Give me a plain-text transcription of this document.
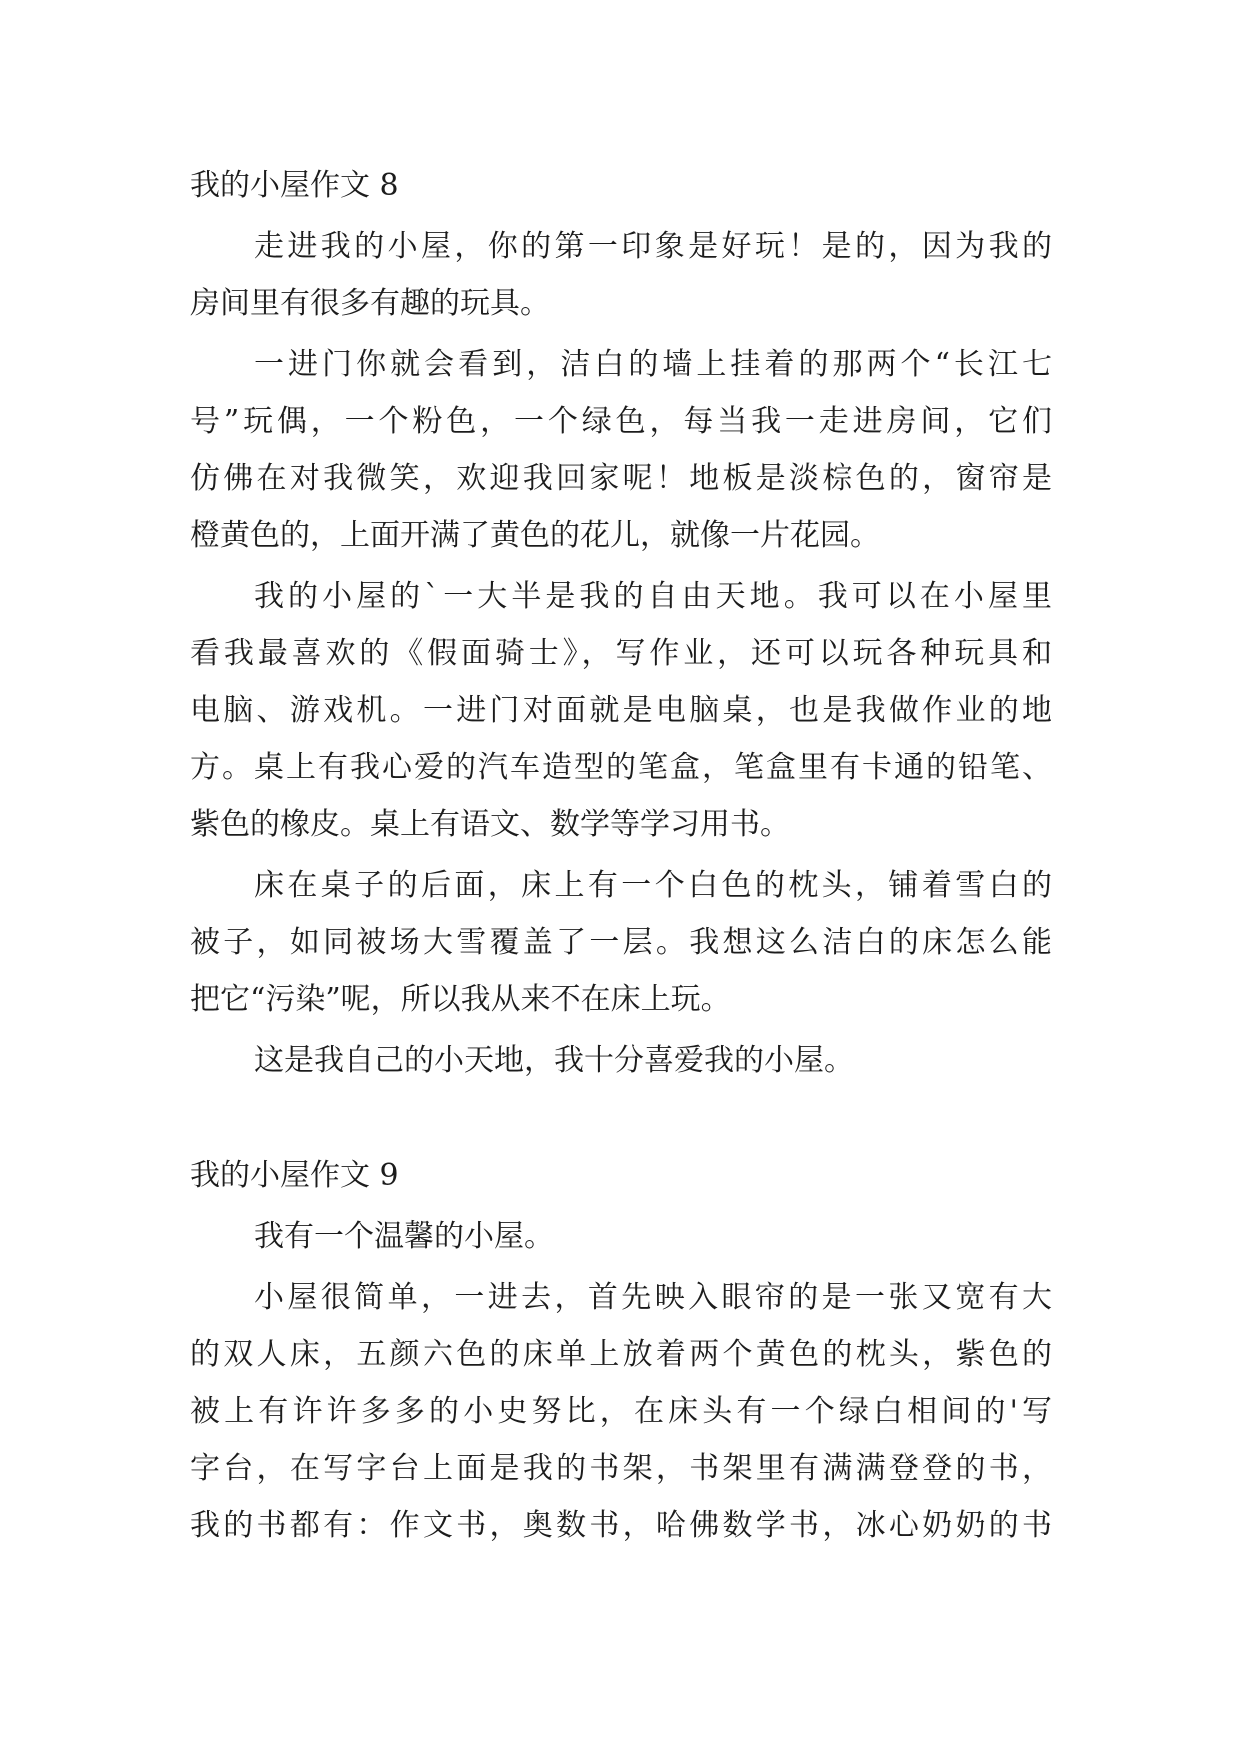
我的小屋作文 8
走进我的小屋，你的第一印象是好玩！是的，因为我的
房间里有很多有趣的玩具。
一进门你就会看到，洁白的墙上挂着的那两个“长江七
号”玩偶，一个粉色，一个绿色，每当我一走进房间，它们
仿佛在对我微笑，欢迎我回家呢！地板是淡棕色的，窗帘是
橙黄色的，上面开满了黄色的花儿，就像一片花园。
我的小屋的`一大半是我的自由天地。我可以在小屋里
看我最喜欢的《假面骑士》，写作业，还可以玩各种玩具和
电脑、游戏机。一进门对面就是电脑桌，也是我做作业的地
方。桌上有我心爱的汽车造型的笔盒，笔盒里有卡通的铅笔、
紫色的橡皮。桌上有语文、数学等学习用书。
床在桌子的后面，床上有一个白色的枕头，铺着雪白的
被子，如同被场大雪覆盖了一层。我想这么洁白的床怎么能
把它“污染”呢，所以我从来不在床上玩。
这是我自己的小天地，我十分喜爱我的小屋。
我的小屋作文 9
我有一个温馨的小屋。
小屋很简单，一进去，首先映入眼帘的是一张又宽有大
的双人床，五颜六色的床单上放着两个黄色的枕头，紫色的
被上有许许多多的小史努比，在床头有一个绿白相间的'写
字台，在写字台上面是我的书架，书架里有满满登登的书，
我的书都有：作文书，奥数书，哈佛数学书，冰心奶奶的书
